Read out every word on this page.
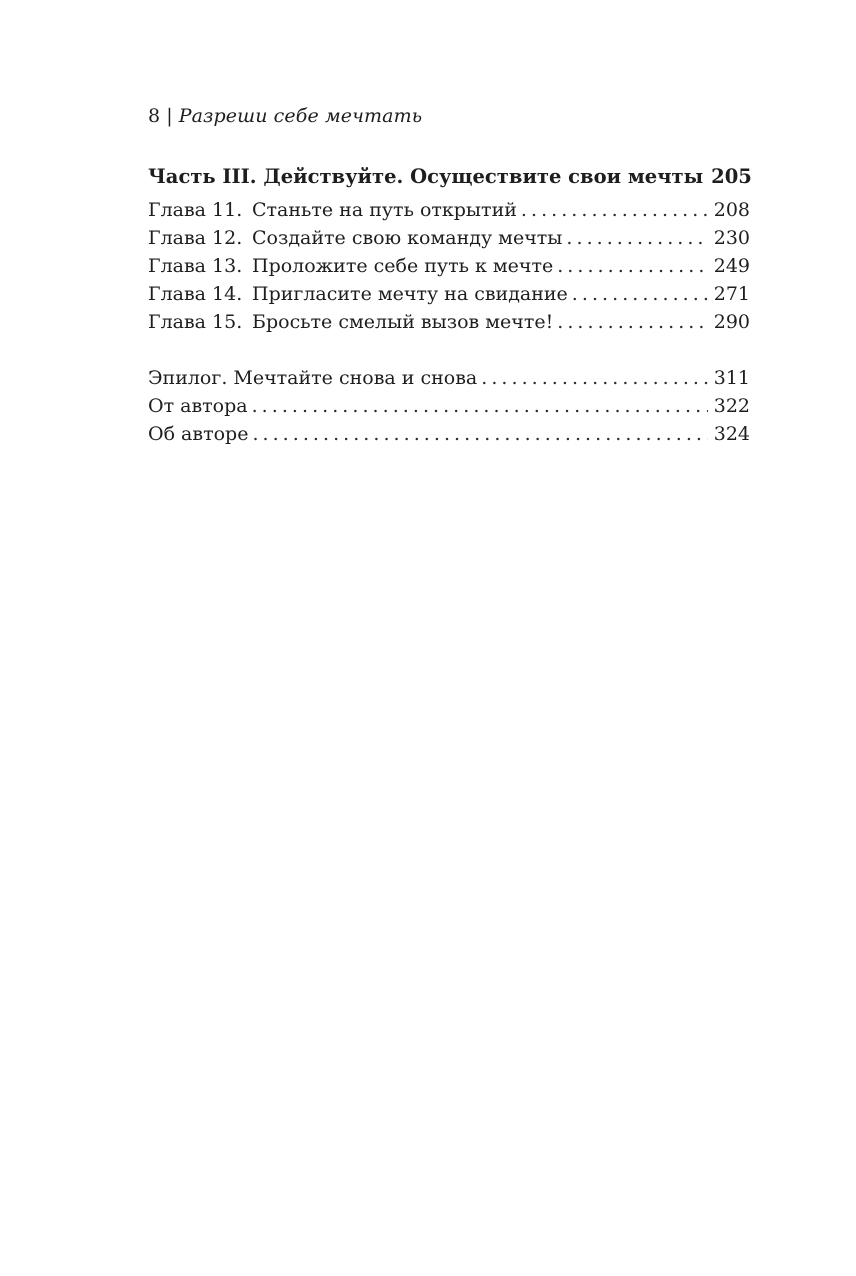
8 | Разреши себе мечтать
Часть III. Действуйте. Осуществите свои мечты 205
Глава 11. Станьте на путь открытий . . .	208
Глава 12. Создайте свою команду мечты . . .	230
Глава 13. Проложите себе путь к мечте . . .	249
Глава 14. Пригласите мечту на свидание . . .	271
Глава 15. Бросьте смелый вызов мечте! . . .	290
Эпилог. Мечтайте снова и снова . . .	311
От автора . . .	322
Об авторе . . .	324
